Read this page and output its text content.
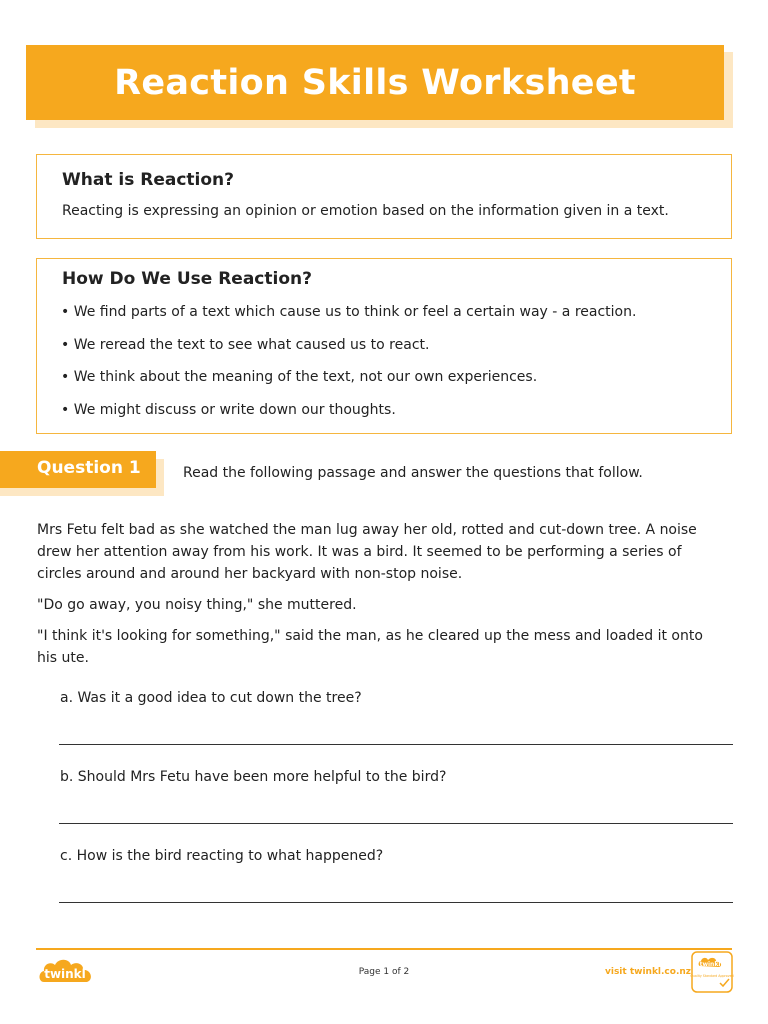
Reaction Skills Worksheet
What is Reaction?
Reacting is expressing an opinion or emotion based on the information given in a text.
How Do We Use Reaction?
• We find parts of a text which cause us to think or feel a certain way - a reaction.
• We reread the text to see what caused us to react.
• We think about the meaning of the text, not our own experiences.
• We might discuss or write down our thoughts.
Question 1	Read the following passage and answer the questions that follow.

Mrs Fetu felt bad as she watched the man lug away her old, rotted and cut-down tree. A noise drew her attention away from his work. It was a bird. It seemed to be performing a series of circles around and around her backyard with non-stop noise.

"Do go away, you noisy thing," she muttered.

"I think it's looking for something," said the man, as he cleared up the mess and loaded it onto his ute.

a. Was it a good idea to cut down the tree?
b. Should Mrs Fetu have been more helpful to the bird?
c. How is the bird reacting to what happened?
twinkl	Page 1 of 2	visit twinkl.co.nz
twinkl
Quality Standard Approved
